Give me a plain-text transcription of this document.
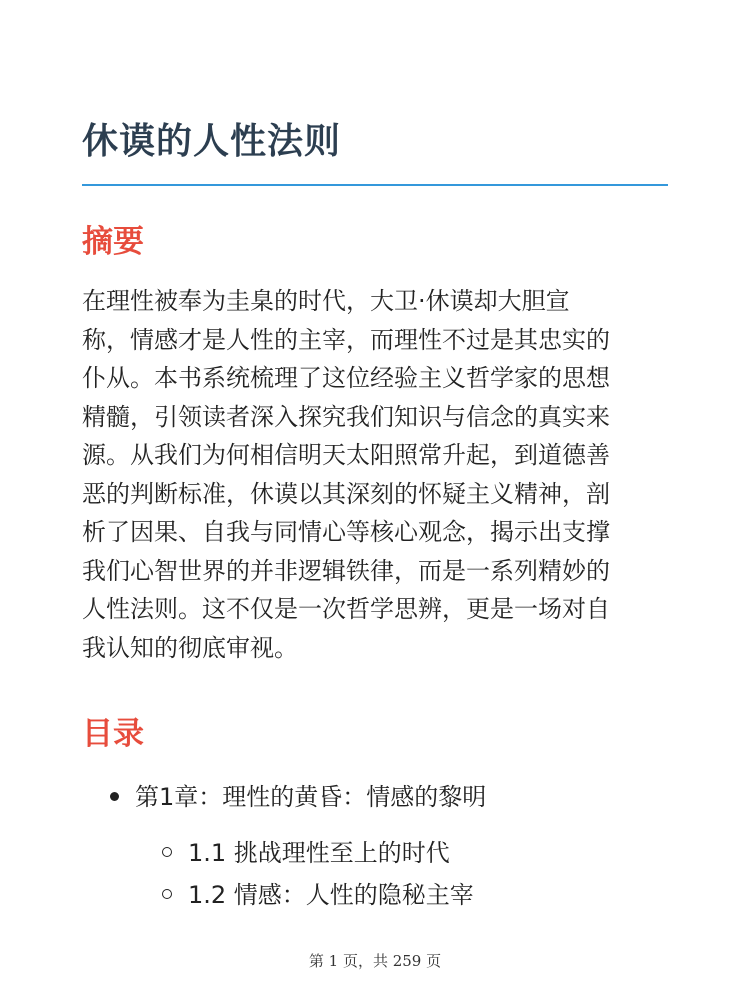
休谟的人性法则
摘要

在理性被奉为圭臬的时代，大卫·休谟却大胆宣
称，情感才是人性的主宰，而理性不过是其忠实的
仆从。本书系统梳理了这位经验主义哲学家的思想
精髓，引领读者深入探究我们知识与信念的真实来
源。从我们为何相信明天太阳照常升起，到道德善
恶的判断标准，休谟以其深刻的怀疑主义精神，剖
析了因果、自我与同情心等核心观念，揭示出支撑
我们心智世界的并非逻辑铁律，而是一系列精妙的
人性法则。这不仅是一次哲学思辨，更是一场对自
我认知的彻底审视。

目录
第1章：理性的黄昏：情感的黎明
1.1 挑战理性至上的时代
1.2 情感：人性的隐秘主宰
第 1 页，共 259 页
